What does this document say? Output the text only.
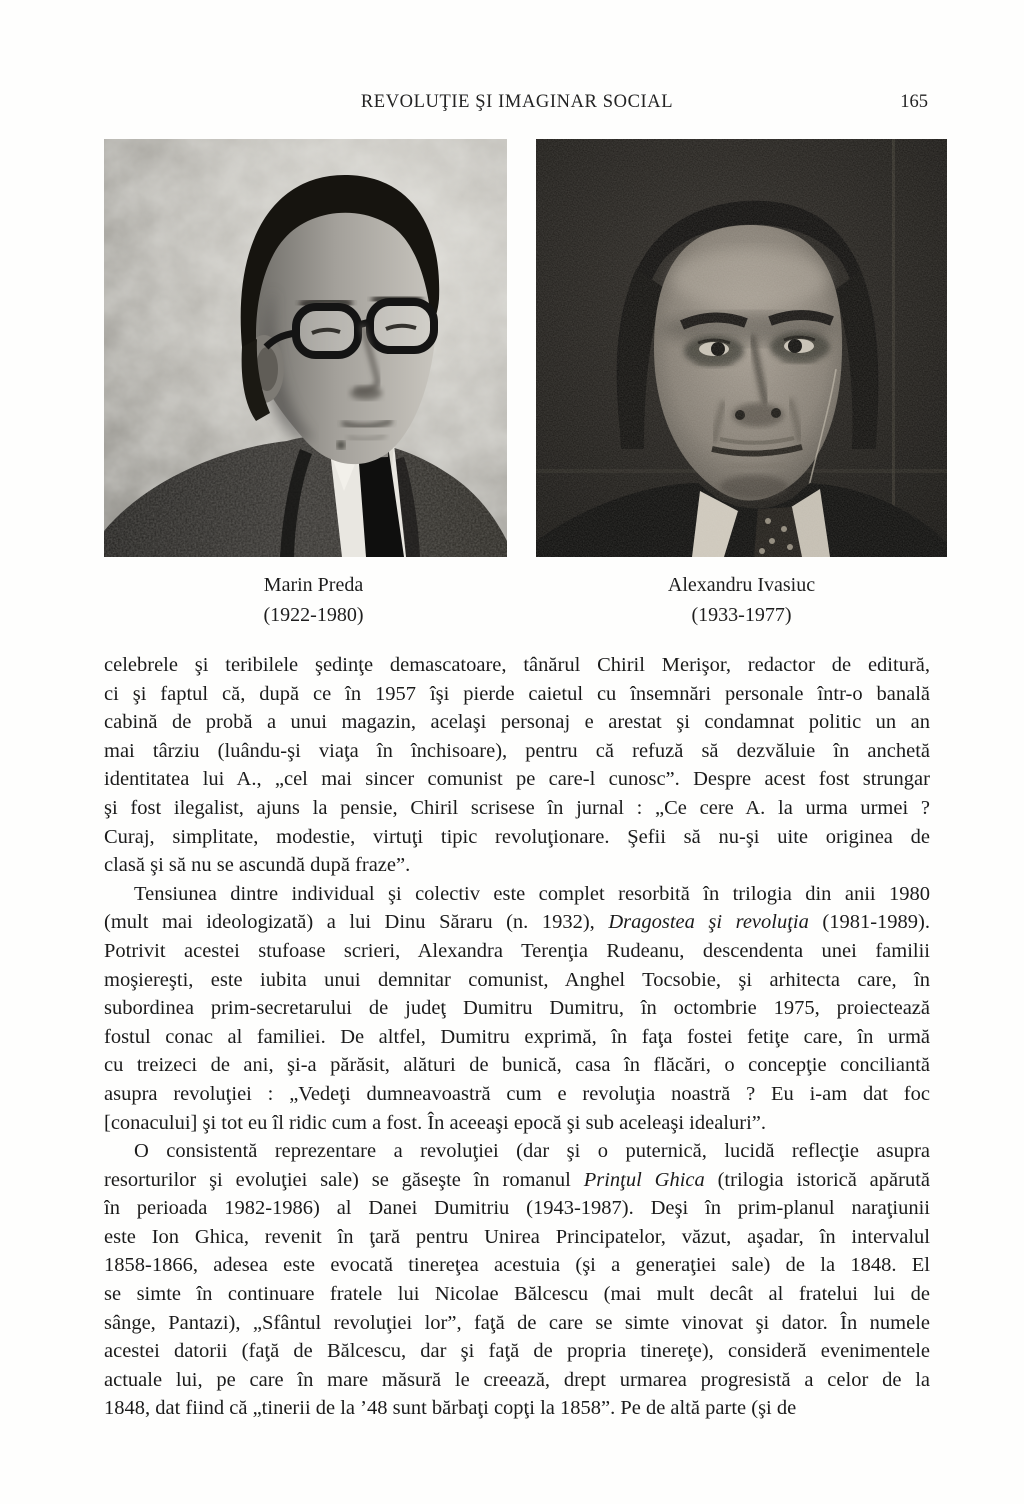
REVOLUŢIE ŞI IMAGINAR SOCIAL	165
Marin Preda
(1922-1980)
Alexandru Ivasiuc
(1933-1977)
celebrele şi teribilele şedinţe demascatoare, tânărul Chiril Merişor, redactor de editură,
ci şi faptul că, după ce în 1957 îşi pierde caietul cu însemnări personale într-o banală
cabină de probă a unui magazin, acelaşi personaj e arestat şi condamnat politic un an
mai târziu (luându-şi viaţa în închisoare), pentru că refuză să dezvăluie în anchetă
identitatea lui A., „cel mai sincer comunist pe care-l cunosc”. Despre acest fost strungar
şi fost ilegalist, ajuns la pensie, Chiril scrisese în jurnal : „Ce cere A. la urma urmei ?
Curaj, simplitate, modestie, virtuţi tipic revoluţionare. Şefii să nu-şi uite originea de
clasă şi să nu se ascundă după fraze”.
Tensiunea dintre individual şi colectiv este complet resorbită în trilogia din anii 1980
(mult mai ideologizată) a lui Dinu Săraru (n. 1932), Dragostea şi revoluţia (1981-1989).
Potrivit acestei stufoase scrieri, Alexandra Terenţia Rudeanu, descendenta unei familii
moşiereşti, este iubita unui demnitar comunist, Anghel Tocsobie, şi arhitecta care, în
subordinea prim-secretarului de judeţ Dumitru Dumitru, în octombrie 1975, proiectează
fostul conac al familiei. De altfel, Dumitru exprimă, în faţa fostei fetiţe care, în urmă
cu treizeci de ani, şi-a părăsit, alături de bunică, casa în flăcări, o concepţie conciliantă
asupra revoluţiei : „Vedeţi dumneavoastră cum e revoluţia noastră ? Eu i-am dat foc
[conacului] şi tot eu îl ridic cum a fost. În aceeaşi epocă şi sub aceleaşi idealuri”.
O consistentă reprezentare a revoluţiei (dar şi o puternică, lucidă reflecţie asupra
resorturilor şi evoluţiei sale) se găseşte în romanul Prinţul Ghica (trilogia istorică apărută
în perioada 1982-1986) al Danei Dumitriu (1943-1987). Deşi în prim-planul naraţiunii
este Ion Ghica, revenit în ţară pentru Unirea Principatelor, văzut, aşadar, în intervalul
1858-1866, adesea este evocată tinereţea acestuia (şi a generaţiei sale) de la 1848. El
se simte în continuare fratele lui Nicolae Bălcescu (mai mult decât al fratelui lui de
sânge, Pantazi), „Sfântul revoluţiei lor”, faţă de care se simte vinovat şi dator. În numele
acestei datorii (faţă de Bălcescu, dar şi faţă de propria tinereţe), consideră evenimentele
actuale lui, pe care în mare măsură le creează, drept urmarea progresistă a celor de la
1848, dat fiind că „tinerii de la ’48 sunt bărbaţi copţi la 1858”. Pe de altă parte (şi de
